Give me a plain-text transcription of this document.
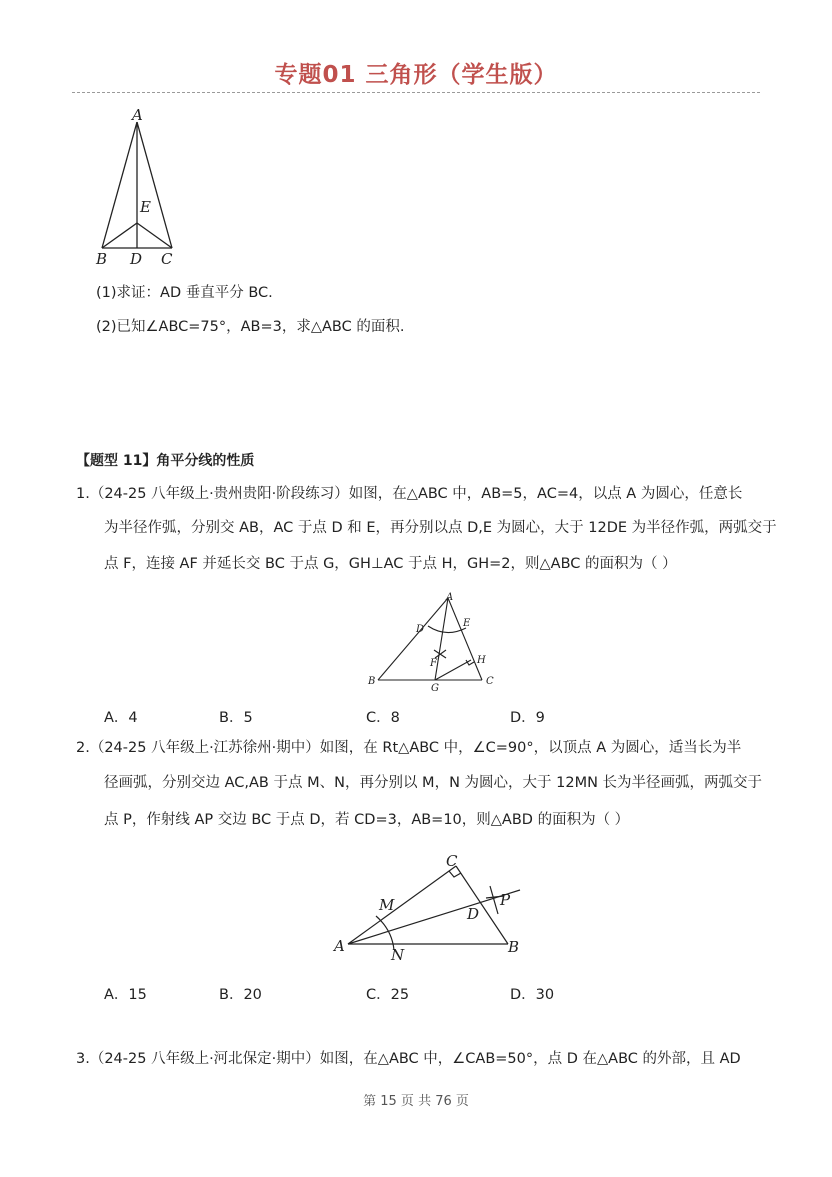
专题01 三角形（学生版）
A
E
B D C
(1)求证：AD 垂直平分 BC.
(2)已知∠ABC=75°，AB=3，求△ABC 的面积.
【题型 11】角平分线的性质
1.（24-25 八年级上·贵州贵阳·阶段练习）如图，在△ABC 中，AB=5，AC=4，以点 A 为圆心，任意长
为半径作弧，分别交 AB，AC 于点 D 和 E，再分别以点 D,E 为圆心，大于 12DE 为半径作弧，两弧交于
点 F，连接 AF 并延长交 BC 于点 G，GH⊥AC 于点 H，GH=2，则△ABC 的面积为（ ）
A
D
E
F	H
B
G
C
A．4	B．5	C．8	D．9
2.（24-25 八年级上·江苏徐州·期中）如图，在 Rt△ABC 中，∠C=90°，以顶点 A 为圆心，适当长为半
径画弧，分别交边 AC,AB 于点 M、N，再分别以 M，N 为圆心，大于 12MN 长为半径画弧，两弧交于
点 P，作射线 AP 交边 BC 于点 D，若 CD=3，AB=10，则△ABD 的面积为（ ）
C
M	D
P
A	N	B
A．15	B．20	C．25	D．30
3.（24-25 八年级上·河北保定·期中）如图，在△ABC 中，∠CAB=50°，点 D 在△ABC 的外部，且 AD
第 15 页 共 76 页
